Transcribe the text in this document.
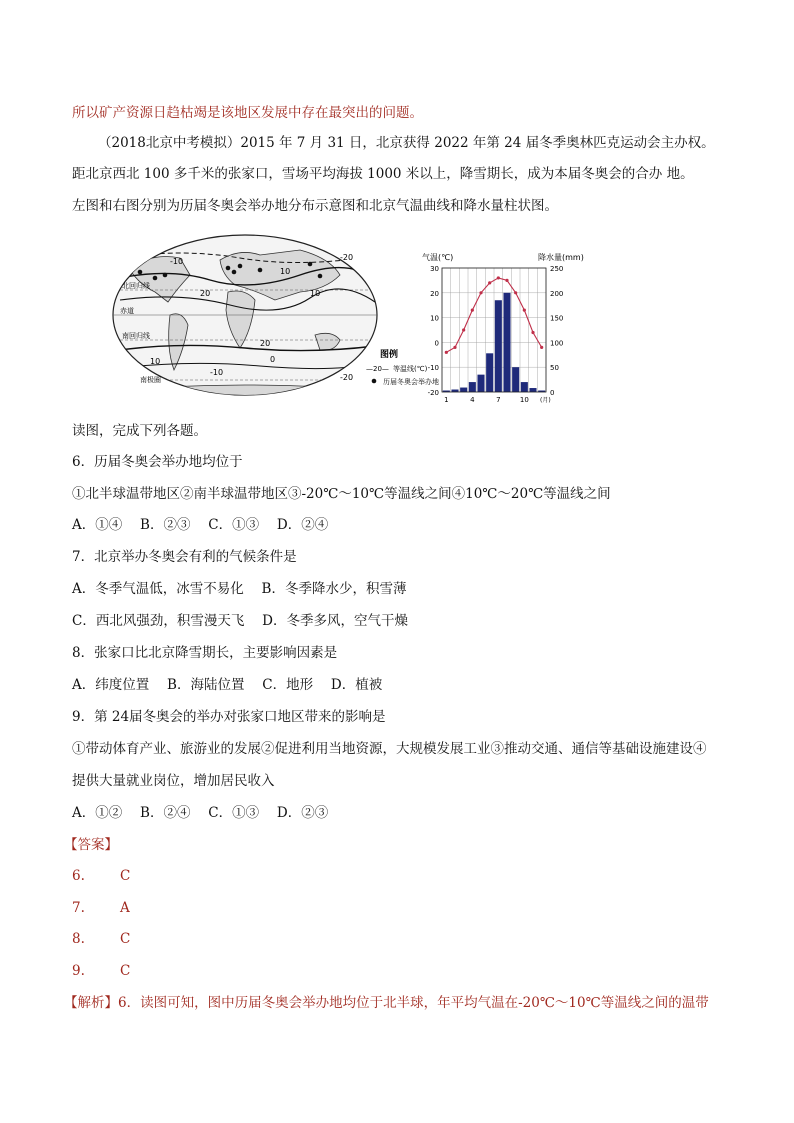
所以矿产资源日趋枯竭是该地区发展中存在最突出的问题。
（2018北京中考模拟）2015 年 7 月 31 日，北京获得 2022 年第 24 届冬季奥林匹克运动会主办权。
距北京西北 100 多千米的张家口，雪场平均海拔 1000 米以上，降雪期长，成为本届冬奥会的合办 地。
左图和右图分别为历届冬奥会举办地分布示意图和北京气温曲线和降水量柱状图。
-10
10
-20
20	10
0
-10
-20
20
10
北回归线
赤道
南回归线
南极圈
图例
—20— 等温线(℃)
历届冬奥会举办地
气温(℃)	降水量(mm)
30
20
10
0
-10
-20
250
200
150
100
50
0
1	4	7	10 (月)
读图，完成下列各题。
6．历届冬奥会举办地均位于
①北半球温带地区②南半球温带地区③-20℃～10℃等温线之间④10℃～20℃等温线之间
A．①④　 B．②③　 C．①③　 D．②④
7．北京举办冬奥会有利的气候条件是
A．冬季气温低，冰雪不易化　 B．冬季降水少，积雪薄
C．西北风强劲，积雪漫天飞　 D．冬季多风，空气干燥
8．张家口比北京降雪期长，主要影响因素是
A．纬度位置　 B．海陆位置　 C．地形　 D．植被
9．第 24届冬奥会的举办对张家口地区带来的影响是
①带动体育产业、旅游业的发展②促进利用当地资源，大规模发展工业③推动交通、通信等基础设施建设④
提供大量就业岗位，增加居民收入
A．①②　 B．②④　 C．①③　 D．②③
【答案】
6.	C
7.	A
8.	C
9.	C
【解析】6．读图可知，图中历届冬奥会举办地均位于北半球，年平均气温在-20℃～10℃等温线之间的温带
